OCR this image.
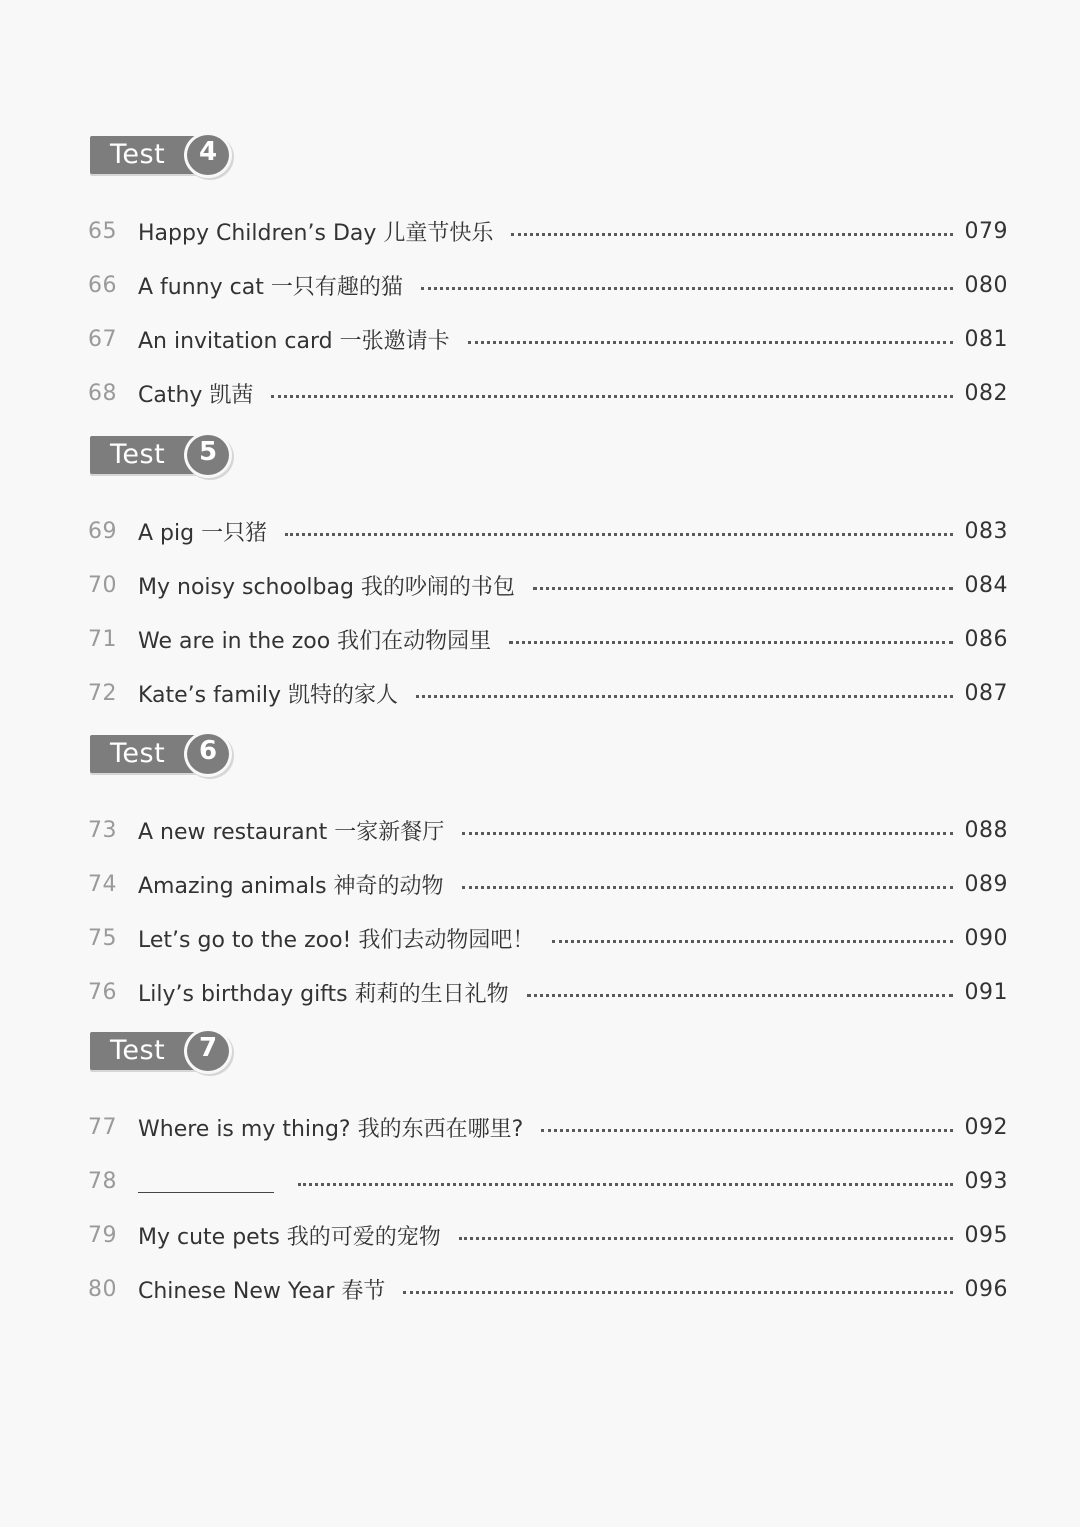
Test	4
65 Happy Children’s Day 儿童节快乐	079
66 A funny cat 一只有趣的猫	080
67 An invitation card 一张邀请卡	081
68 Cathy 凯茜	082
Test	5
69 A pig 一只猪	083
70 My noisy schoolbag 我的吵闹的书包	084
71 We are in the zoo 我们在动物园里	086
72 Kate’s family 凯特的家人	087
Test	6
73 A new restaurant 一家新餐厅	088
74 Amazing animals 神奇的动物	089
75 Let’s go to the zoo! 我们去动物园吧！	090
76 Lily’s birthday gifts 莉莉的生日礼物	091
Test	7
77 Where is my thing? 我的东西在哪里?	092
78	093
79 My cute pets 我的可爱的宠物	095
80 Chinese New Year 春节	096
